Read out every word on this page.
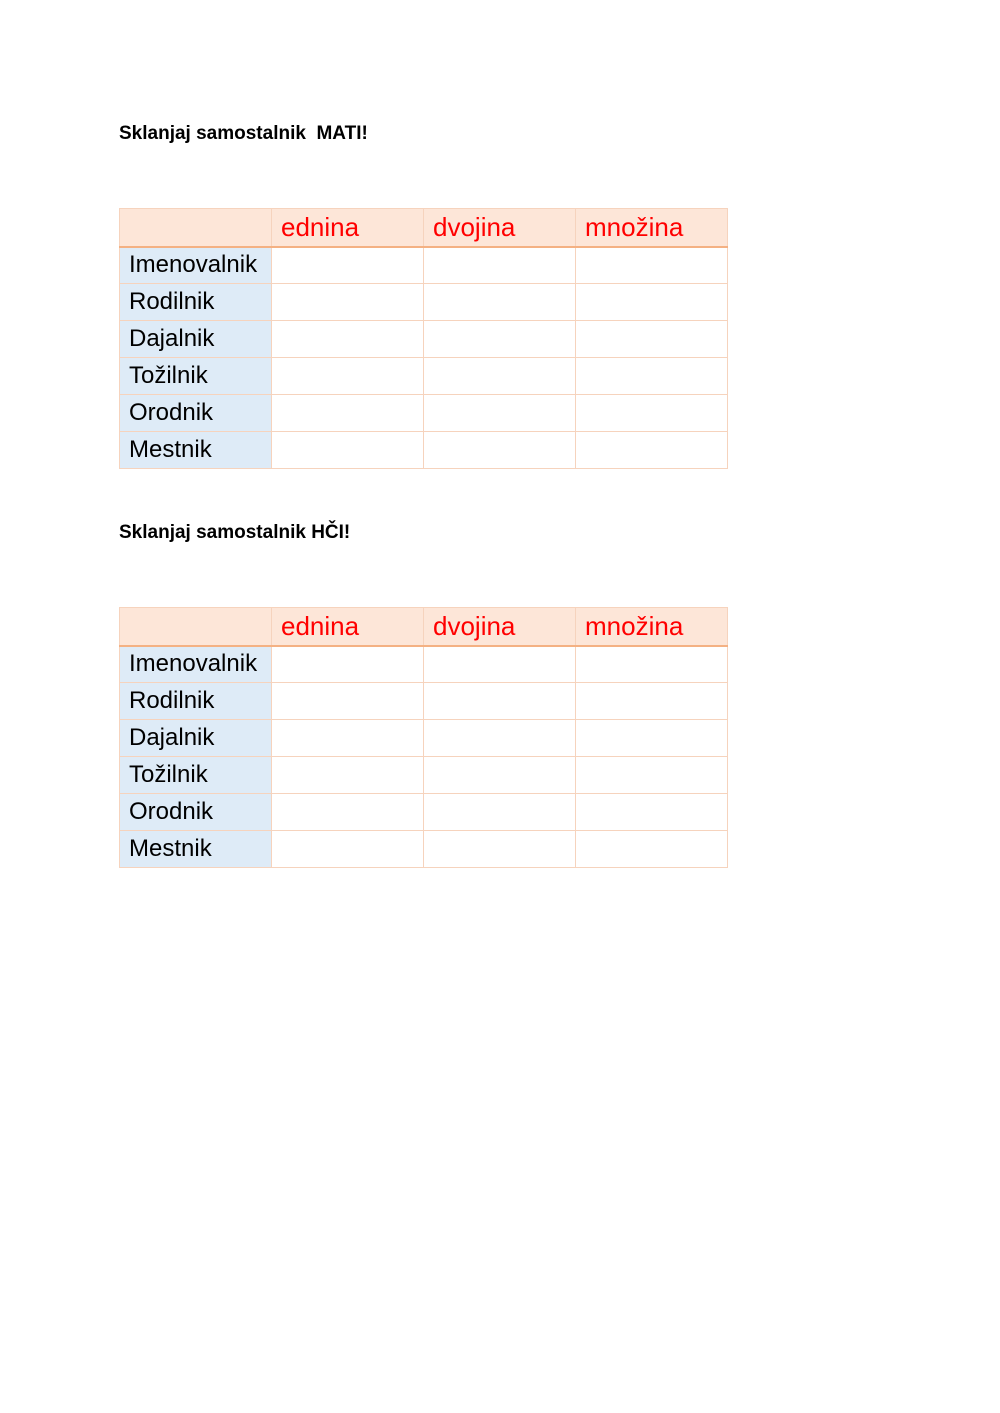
Sklanjaj samostalnik  MATI!
	ednina	dvojina	množina
Imenovalnik			
Rodilnik			
Dajalnik			
Tožilnik			
Orodnik			
Mestnik			
Sklanjaj samostalnik HČI!
	ednina	dvojina	množina
Imenovalnik			
Rodilnik			
Dajalnik			
Tožilnik			
Orodnik			
Mestnik			
